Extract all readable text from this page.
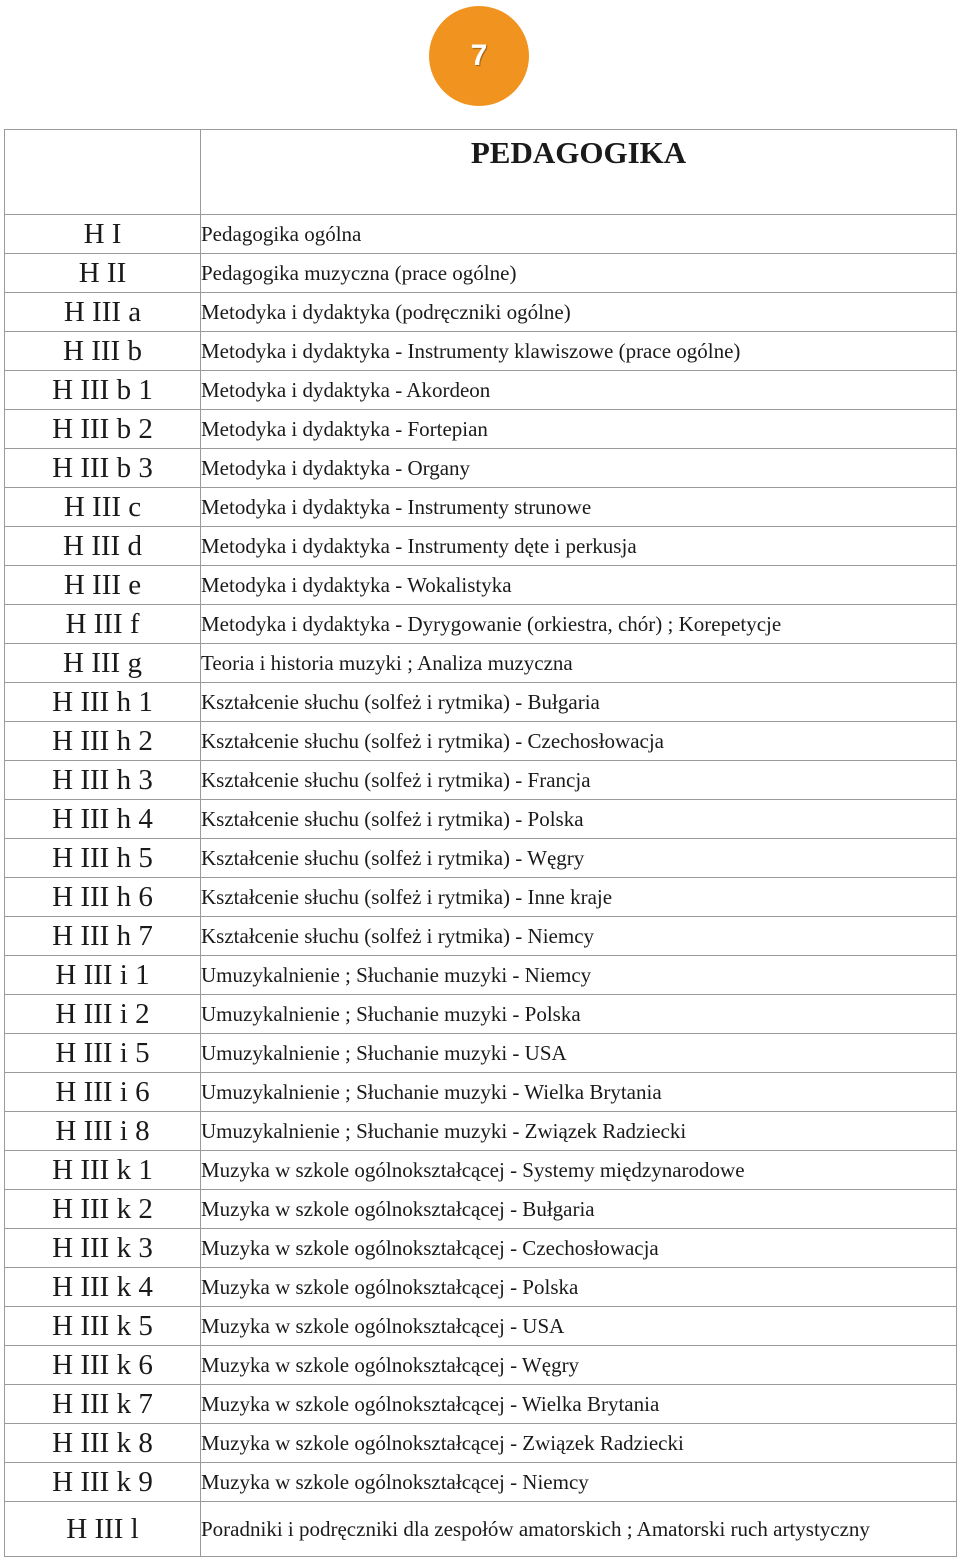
7
	PEDAGOGIKA
H I	Pedagogika ogólna
H II	Pedagogika muzyczna (prace ogólne)
H III a	Metodyka i dydaktyka (podręczniki ogólne)
H III b	Metodyka i dydaktyka - Instrumenty klawiszowe (prace ogólne)
H III b 1	Metodyka i dydaktyka - Akordeon
H III b 2	Metodyka i dydaktyka - Fortepian
H III b 3	Metodyka i dydaktyka - Organy
H III c	Metodyka i dydaktyka - Instrumenty strunowe
H III d	Metodyka i dydaktyka - Instrumenty dęte i perkusja
H III e	Metodyka i dydaktyka - Wokalistyka
H III f	Metodyka i dydaktyka - Dyrygowanie (orkiestra, chór) ; Korepetycje
H III g	Teoria i historia muzyki ; Analiza muzyczna
H III h 1	Kształcenie słuchu (solfeż i rytmika) - Bułgaria
H III h 2	Kształcenie słuchu (solfeż i rytmika) - Czechosłowacja
H III h 3	Kształcenie słuchu (solfeż i rytmika) - Francja
H III h 4	Kształcenie słuchu (solfeż i rytmika) - Polska
H III h 5	Kształcenie słuchu (solfeż i rytmika) - Węgry
H III h 6	Kształcenie słuchu (solfeż i rytmika) - Inne kraje
H III h 7	Kształcenie słuchu (solfeż i rytmika) - Niemcy
H III i 1	Umuzykalnienie ; Słuchanie muzyki - Niemcy
H III i 2	Umuzykalnienie ; Słuchanie muzyki - Polska
H III i 5	Umuzykalnienie ; Słuchanie muzyki - USA
H III i 6	Umuzykalnienie ; Słuchanie muzyki - Wielka Brytania
H III i 8	Umuzykalnienie ; Słuchanie muzyki - Związek Radziecki
H III k 1	Muzyka w szkole ogólnokształcącej - Systemy międzynarodowe
H III k 2	Muzyka w szkole ogólnokształcącej - Bułgaria
H III k 3	Muzyka w szkole ogólnokształcącej - Czechosłowacja
H III k 4	Muzyka w szkole ogólnokształcącej - Polska
H III k 5	Muzyka w szkole ogólnokształcącej - USA
H III k 6	Muzyka w szkole ogólnokształcącej - Węgry
H III k 7	Muzyka w szkole ogólnokształcącej - Wielka Brytania
H III k 8	Muzyka w szkole ogólnokształcącej - Związek Radziecki
H III k 9	Muzyka w szkole ogólnokształcącej - Niemcy
H III l	Poradniki i podręczniki dla zespołów amatorskich ; Amatorski ruch artystyczny
